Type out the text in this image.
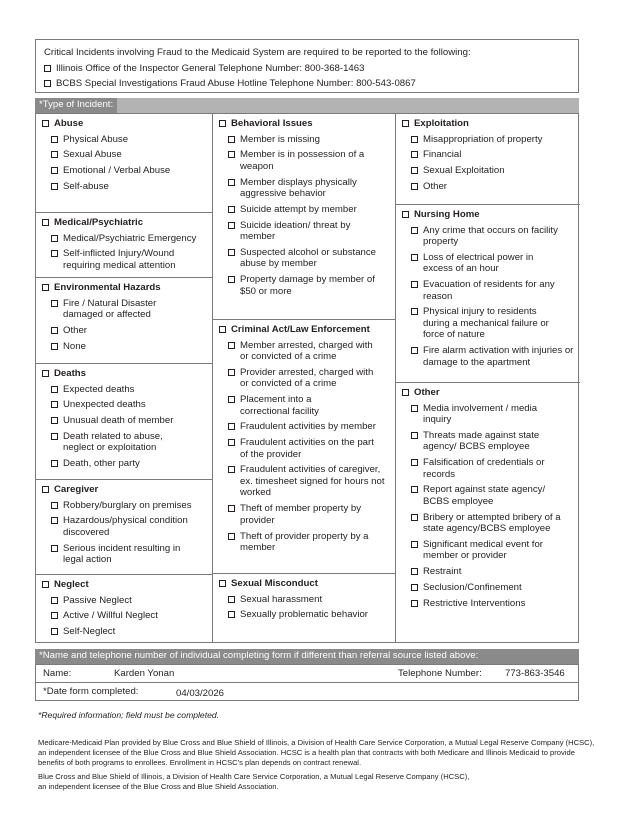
Critical Incidents involving Fraud to the Medicaid System are required to be reported to the following:
Illinois Office of the Inspector General Telephone Number: 800-368-1463
BCBS Special Investigations Fraud Abuse Hotline Telephone Number: 800-543-0867
*Type of Incident:
Abuse
Physical Abuse
Sexual Abuse
Emotional / Verbal Abuse
Self-abuse
Medical/Psychiatric
Medical/Psychiatric Emergency
Self-inflicted Injury/Wound requiring medical attention
Environmental Hazards
Fire / Natural Disaster damaged or affected
Other
None
Deaths
Expected deaths
Unexpected deaths
Unusual death of member
Death related to abuse, neglect or exploitation
Death, other party
Caregiver
Robbery/burglary on premises
Hazardous/physical condition discovered
Serious incident resulting in legal action
Neglect
Passive Neglect
Active / Willful Neglect
Self-Neglect
Behavioral Issues
Member is missing
Member is in possession of a weapon
Member displays physically aggressive behavior
Suicide attempt by member
Suicide ideation/ threat by member
Suspected alcohol or substance abuse by member
Property damage by member of $50 or more
Criminal Act/Law Enforcement
Member arrested, charged with or convicted of a crime
Provider arrested, charged with or convicted of a crime
Placement into a correctional facility
Fraudulent activities by member
Fraudulent activities on the part of the provider
Fraudulent activities of caregiver, ex. timesheet signed for hours not worked
Theft of member property by provider
Theft of provider property by a member
Sexual Misconduct
Sexual harassment
Sexually problematic behavior
Exploitation
Misappropriation of property
Financial
Sexual Exploitation
Other
Nursing Home
Any crime that occurs on facility property
Loss of electrical power in excess of an hour
Evacuation of residents for any reason
Physical injury to residents during a mechanical failure or force of nature
Fire alarm activation with injuries or damage to the apartment
Other
Media involvement / media inquiry
Threats made against state agency/ BCBS employee
Falsification of credentials or records
Report against state agency/ BCBS employee
Bribery or attempted bribery of a state agency/BCBS employee
Significant medical event for member or provider
Restraint
Seclusion/Confinement
Restrictive Interventions
*Name and telephone number of individual completing form if different than referral source listed above:
Name:	Karden Yonan	Telephone Number: 773-863-3546
*Date form completed:	04/03/2026
*Required information; field must be completed.
Medicare-Medicaid Plan provided by Blue Cross and Blue Shield of Illinois, a Division of Health Care Service Corporation, a Mutual Legal Reserve Company (HCSC), an independent licensee of the Blue Cross and Blue Shield Association. HCSC is a health plan that contracts with both Medicare and Illinois Medicaid to provide benefits of both programs to enrollees. Enrollment in HCSC's plan depends on contract renewal.
Blue Cross and Blue Shield of Illinois, a Division of Health Care Service Corporation, a Mutual Legal Reserve Company (HCSC), an independent licensee of the Blue Cross and Blue Shield Association.
